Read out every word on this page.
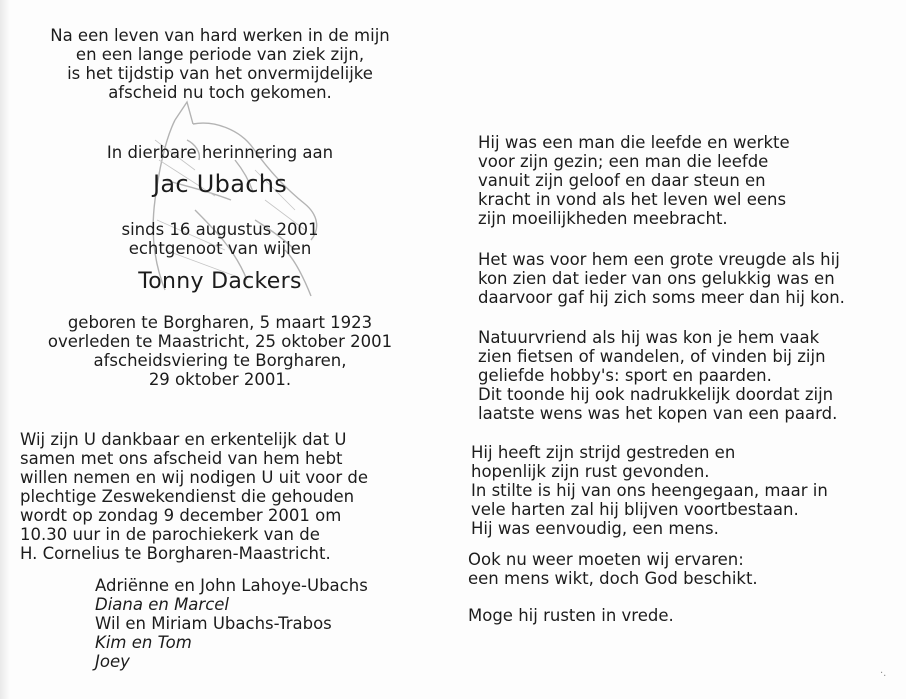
Na een leven van hard werken in de mijn
en een lange periode van ziek zijn,
is het tijdstip van het onvermijdelijke
afscheid nu toch gekomen.
In dierbare herinnering aan
Jac Ubachs
sinds 16 augustus 2001
echtgenoot van wijlen
Tonny Dackers
geboren te Borgharen, 5 maart 1923
overleden te Maastricht, 25 oktober 2001
afscheidsviering te Borgharen,
29 oktober 2001.
Wij zijn U dankbaar en erkentelijk dat U
samen met ons afscheid van hem hebt
willen nemen en wij nodigen U uit voor de
plechtige Zeswekendienst die gehouden
wordt op zondag 9 december 2001 om
10.30 uur in de parochiekerk van de
H. Cornelius te Borgharen-Maastricht.
Adriënne en John Lahoye-Ubachs
Diana en Marcel
Wil en Miriam Ubachs-Trabos
Kim en Tom
Joey
Hij was een man die leefde en werkte
voor zijn gezin; een man die leefde
vanuit zijn geloof en daar steun en
kracht in vond als het leven wel eens
zijn moeilijkheden meebracht.
Het was voor hem een grote vreugde als hij
kon zien dat ieder van ons gelukkig was en
daarvoor gaf hij zich soms meer dan hij kon.
Natuurvriend als hij was kon je hem vaak
zien fietsen of wandelen, of vinden bij zijn
geliefde hobby's: sport en paarden.
Dit toonde hij ook nadrukkelijk doordat zijn
laatste wens was het kopen van een paard.
Hij heeft zijn strijd gestreden en
hopenlijk zijn rust gevonden.
In stilte is hij van ons heengegaan, maar in
vele harten zal hij blijven voortbestaan.
Hij was eenvoudig, een mens.
Ook nu weer moeten wij ervaren:
een mens wikt, doch God beschikt.
Moge hij rusten in vrede.
·.
